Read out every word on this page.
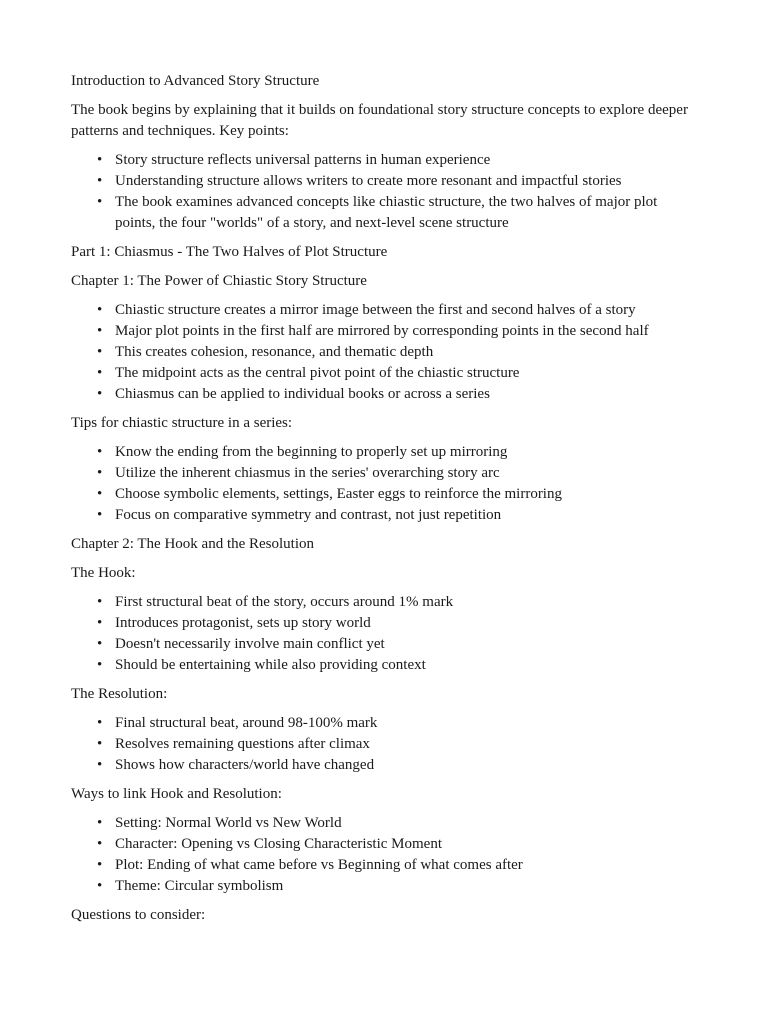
Introduction to Advanced Story Structure

The book begins by explaining that it builds on foundational story structure concepts to explore deeper patterns and techniques. Key points:

• Story structure reflects universal patterns in human experience
• Understanding structure allows writers to create more resonant and impactful stories
• The book examines advanced concepts like chiastic structure, the two halves of major plot points, the four "worlds" of a story, and next-level scene structure

Part 1: Chiasmus - The Two Halves of Plot Structure

Chapter 1: The Power of Chiastic Story Structure

• Chiastic structure creates a mirror image between the first and second halves of a story
• Major plot points in the first half are mirrored by corresponding points in the second half
• This creates cohesion, resonance, and thematic depth
• The midpoint acts as the central pivot point of the chiastic structure
• Chiasmus can be applied to individual books or across a series

Tips for chiastic structure in a series:

• Know the ending from the beginning to properly set up mirroring
• Utilize the inherent chiasmus in the series' overarching story arc
• Choose symbolic elements, settings, Easter eggs to reinforce the mirroring
• Focus on comparative symmetry and contrast, not just repetition

Chapter 2: The Hook and the Resolution

The Hook:

• First structural beat of the story, occurs around 1% mark
• Introduces protagonist, sets up story world
• Doesn't necessarily involve main conflict yet
• Should be entertaining while also providing context

The Resolution:

• Final structural beat, around 98-100% mark
• Resolves remaining questions after climax
• Shows how characters/world have changed

Ways to link Hook and Resolution:

• Setting: Normal World vs New World
• Character: Opening vs Closing Characteristic Moment
• Plot: Ending of what came before vs Beginning of what comes after
• Theme: Circular symbolism

Questions to consider:
